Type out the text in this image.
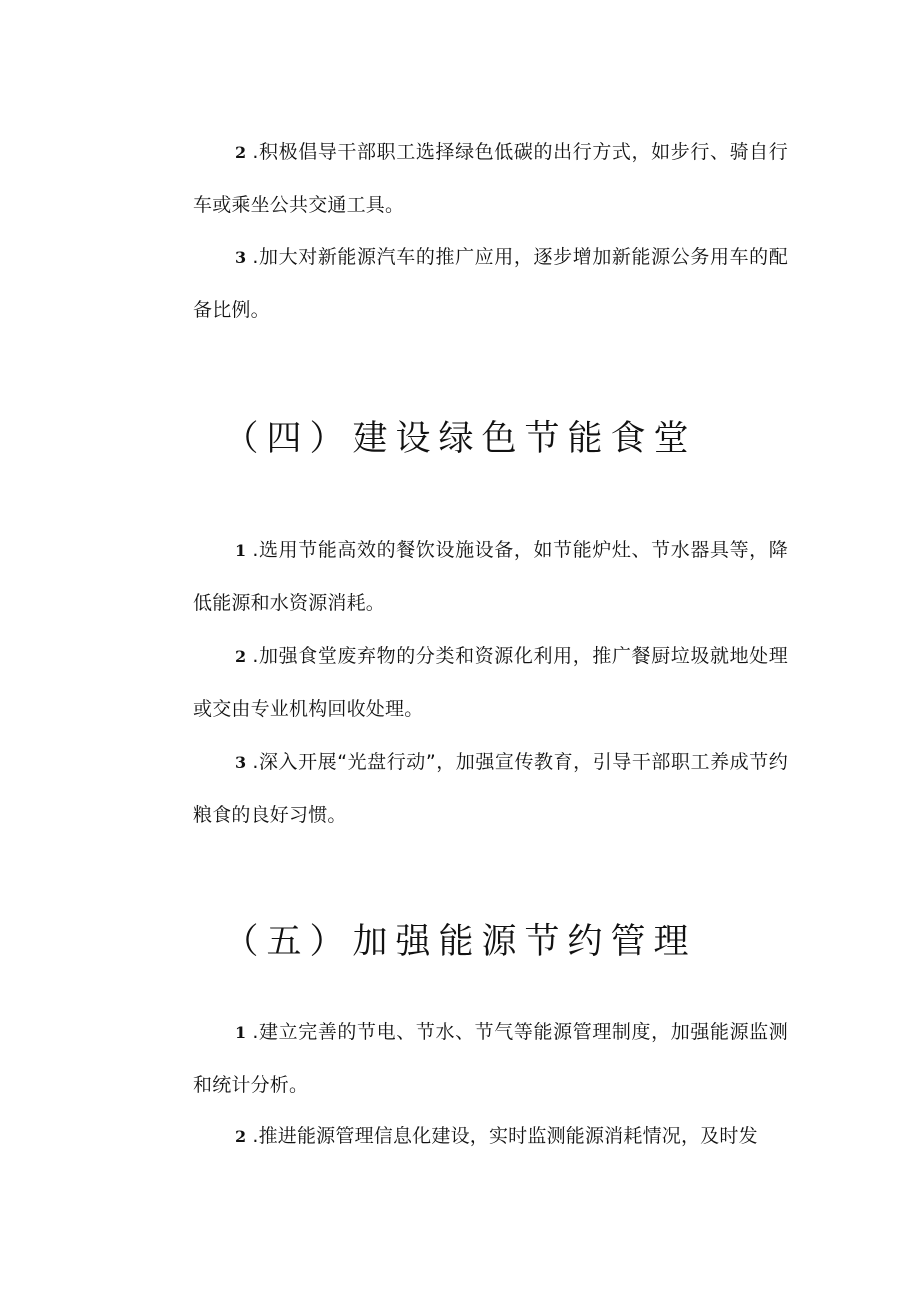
2 .积极倡导干部职工选择绿色低碳的出行方式，如步行、骑自行车或乘坐公共交通工具。

3 .加大对新能源汽车的推广应用，逐步增加新能源公务用车的配备比例。

（四）建设绿色节能食堂

1 .选用节能高效的餐饮设施设备，如节能炉灶、节水器具等，降低能源和水资源消耗。

2 .加强食堂废弃物的分类和资源化利用，推广餐厨垃圾就地处理或交由专业机构回收处理。

3 .深入开展“光盘行动”，加强宣传教育，引导干部职工养成节约粮食的良好习惯。

（五）加强能源节约管理

1 .建立完善的节电、节水、节气等能源管理制度，加强能源监测和统计分析。

2 .推进能源管理信息化建设，实时监测能源消耗情况，及时发
